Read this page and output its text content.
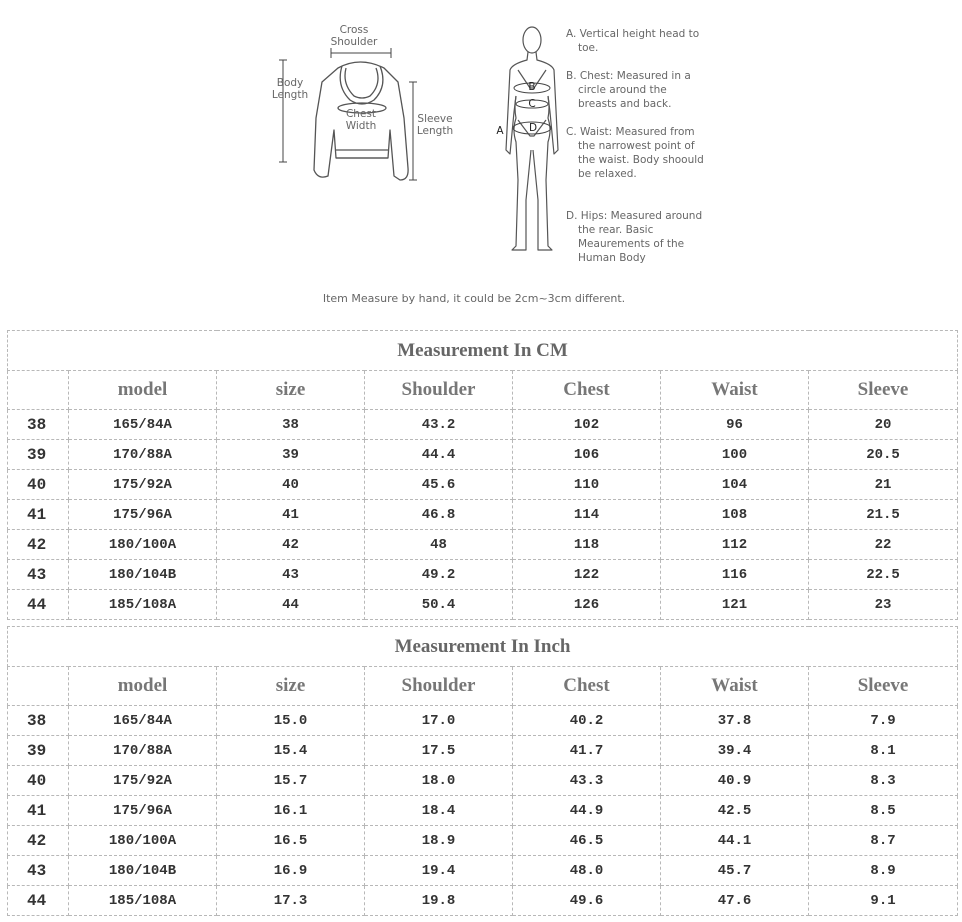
Cross
Shoulder
Body
Length
Chest
Width
Sleeve
Length	A
B
C
D
A. Vertical height head to toe.
B. Chest: Measured in a circle around the breasts and back.
C. Waist: Measured from the narrowest point of the waist. Body shoould be relaxed.
D. Hips: Measured around the rear. Basic Meaurements of the Human Body
Item Measure by hand, it could be 2cm~3cm different.
Measurement In CM						
	model	size	Shoulder	Chest	Waist	Sleeve
38	165/84A	38	43.2	102	96	20
39	170/88A	39	44.4	106	100	20.5
40	175/92A	40	45.6	110	104	21
41	175/96A	41	46.8	114	108	21.5
42	180/100A	42	48	118	112	22
43	180/104B	43	49.2	122	116	22.5
44	185/108A	44	50.4	126	121	23
Measurement In Inch						
	model	size	Shoulder	Chest	Waist	Sleeve
38	165/84A	15.0	17.0	40.2	37.8	7.9
39	170/88A	15.4	17.5	41.7	39.4	8.1
40	175/92A	15.7	18.0	43.3	40.9	8.3
41	175/96A	16.1	18.4	44.9	42.5	8.5
42	180/100A	16.5	18.9	46.5	44.1	8.7
43	180/104B	16.9	19.4	48.0	45.7	8.9
44	185/108A	17.3	19.8	49.6	47.6	9.1
